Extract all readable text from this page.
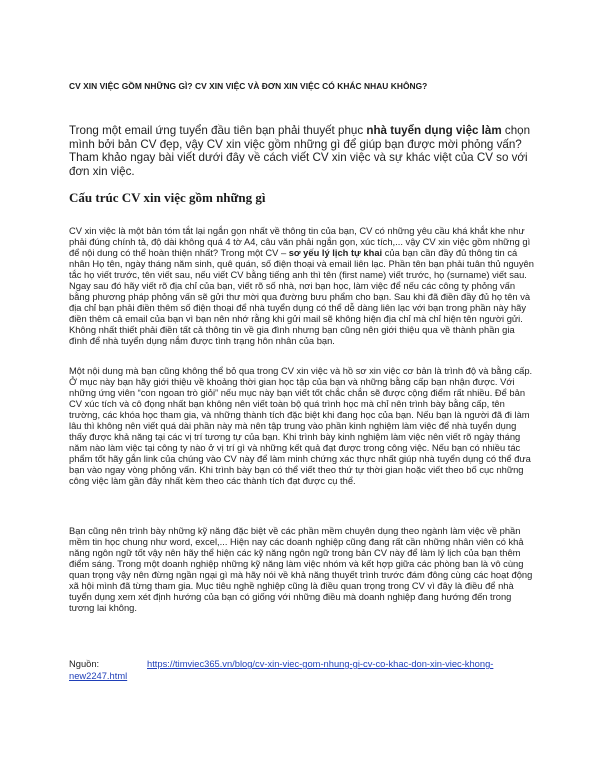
CV XIN VIỆC GỒM NHỮNG GÌ? CV XIN VIỆC VÀ ĐƠN XIN VIỆC CÓ KHÁC NHAU KHÔNG?
Trong một email ứng tuyển đầu tiên bạn phải thuyết phục nhà tuyển dụng việc làm chọn mình bởi bản CV đẹp, vậy CV xin việc gồm những gì để giúp bạn được mời phỏng vấn? Tham khảo ngay bài viết dưới đây về cách viết CV xin việc và sự khác việt của CV so với đơn xin việc.
Cấu trúc CV xin việc gồm những gì
CV xin việc là một bản tóm tắt lại ngắn gọn nhất về thông tin của bạn, CV có những yêu cầu khá khắt khe như phải đúng chính tả, độ dài không quá 4 tờ A4, câu văn phải ngắn gọn, xúc tích,... vậy CV xin việc gồm những gì để nội dung có thể hoàn thiện nhất? Trong một CV – sơ yếu lý lịch tự khai của bạn cần đầy đủ thông tin cá nhân Họ tên, ngày tháng năm sinh, quê quán, số điện thoại và email liên lạc. Phần tên bạn phải tuân thủ nguyên tắc họ viết trước, tên viết sau, nếu viết CV bằng tiếng anh thì tên (first name) viết trước, họ (surname) viết sau. Ngay sau đó hãy viết rõ địa chỉ của bạn, viết rõ số nhà, nơi bạn học, làm việc để nếu các công ty phỏng vấn bằng phương pháp phỏng vấn sẽ gửi thư mời qua đường bưu phẩm cho bạn. Sau khi đã điền đầy đủ họ tên và địa chỉ bạn phải điền thêm số điện thoại để nhà tuyển dụng có thể dễ dàng liên lạc với bạn trong phần này hãy điền thêm cả email của bạn vì bạn nên nhớ rằng khi gửi mail sẽ không hiện địa chỉ mà chỉ hiện tên người gửi. Không nhất thiết phải điền tất cả thông tin về gia đình nhưng bạn cũng nên giới thiệu qua về thành phần gia đình để nhà tuyển dụng nắm được tình trạng hôn nhân của bạn.
Một nội dung mà bạn cũng không thể bỏ qua trong CV xin việc và hồ sơ xin việc cơ bản là trình độ và bằng cấp. Ở mục này bạn hãy giới thiệu về khoảng thời gian học tập của bạn và những bằng cấp bạn nhận được. Với những ứng viên “con ngoan trò giỏi” nếu mục này bạn viết tốt chắc chắn sẽ được cộng điểm rất nhiều. Để bản CV xúc tích và cô đọng nhất bạn không nên viết toàn bộ quá trình học mà chỉ nên trình bày bằng cấp, tên trường, các khóa học tham gia, và những thành tích đặc biệt khi đang học của bạn. Nếu bạn là người đã đi làm lâu thì không nên viết quá dài phần này mà nên tập trung vào phần kinh nghiệm làm việc để nhà tuyển dụng thấy được khả năng tại các vị trí tương tự của bạn. Khi trình bày kinh nghiệm làm việc nên viết rõ ngày tháng năm nào làm việc tại công ty nào ở vị trí gì và những kết quả đạt được trong công việc. Nếu bạn có nhiều tác phẩm tốt hãy gắn link của chúng vào CV này để làm minh chứng xác thực nhất giúp nhà tuyển dụng có thể đưa bạn vào ngay vòng phỏng vấn. Khi trình bày bạn có thể viết theo thứ tự thời gian hoặc viết theo bố cục những công việc làm gần đây nhất kèm theo các thành tích đạt được cụ thể.
Bạn cũng nên trình bày những kỹ năng đặc biệt về các phần mềm chuyên dụng theo ngành làm việc về phần mềm tin học chung như word, excel,... Hiện nay các doanh nghiệp cũng đang rất cần những nhân viên có khả năng ngôn ngữ tốt vậy nên hãy thể hiện các kỹ năng ngôn ngữ trong bản CV này để làm lý lịch của bạn thêm điểm sáng. Trong một doanh nghiệp những kỹ năng làm việc nhóm và kết hợp giữa các phòng ban là vô cùng quan trọng vậy nên đừng ngần ngại gì mà hãy nói về khả năng thuyết trình trước đám đông cùng các hoạt động xã hội mình đã từng tham gia. Mục tiêu nghề nghiệp cũng là điều quan trọng trong CV vì đây là điều để nhà tuyển dụng xem xét định hướng của bạn có giống với những điều mà doanh nghiệp đang hướng đến trong tương lai không.
Nguồn:	https://timviec365.vn/blog/cv-xin-viec-gom-nhung-gi-cv-co-khac-don-xin-viec-khong-new2247.html
